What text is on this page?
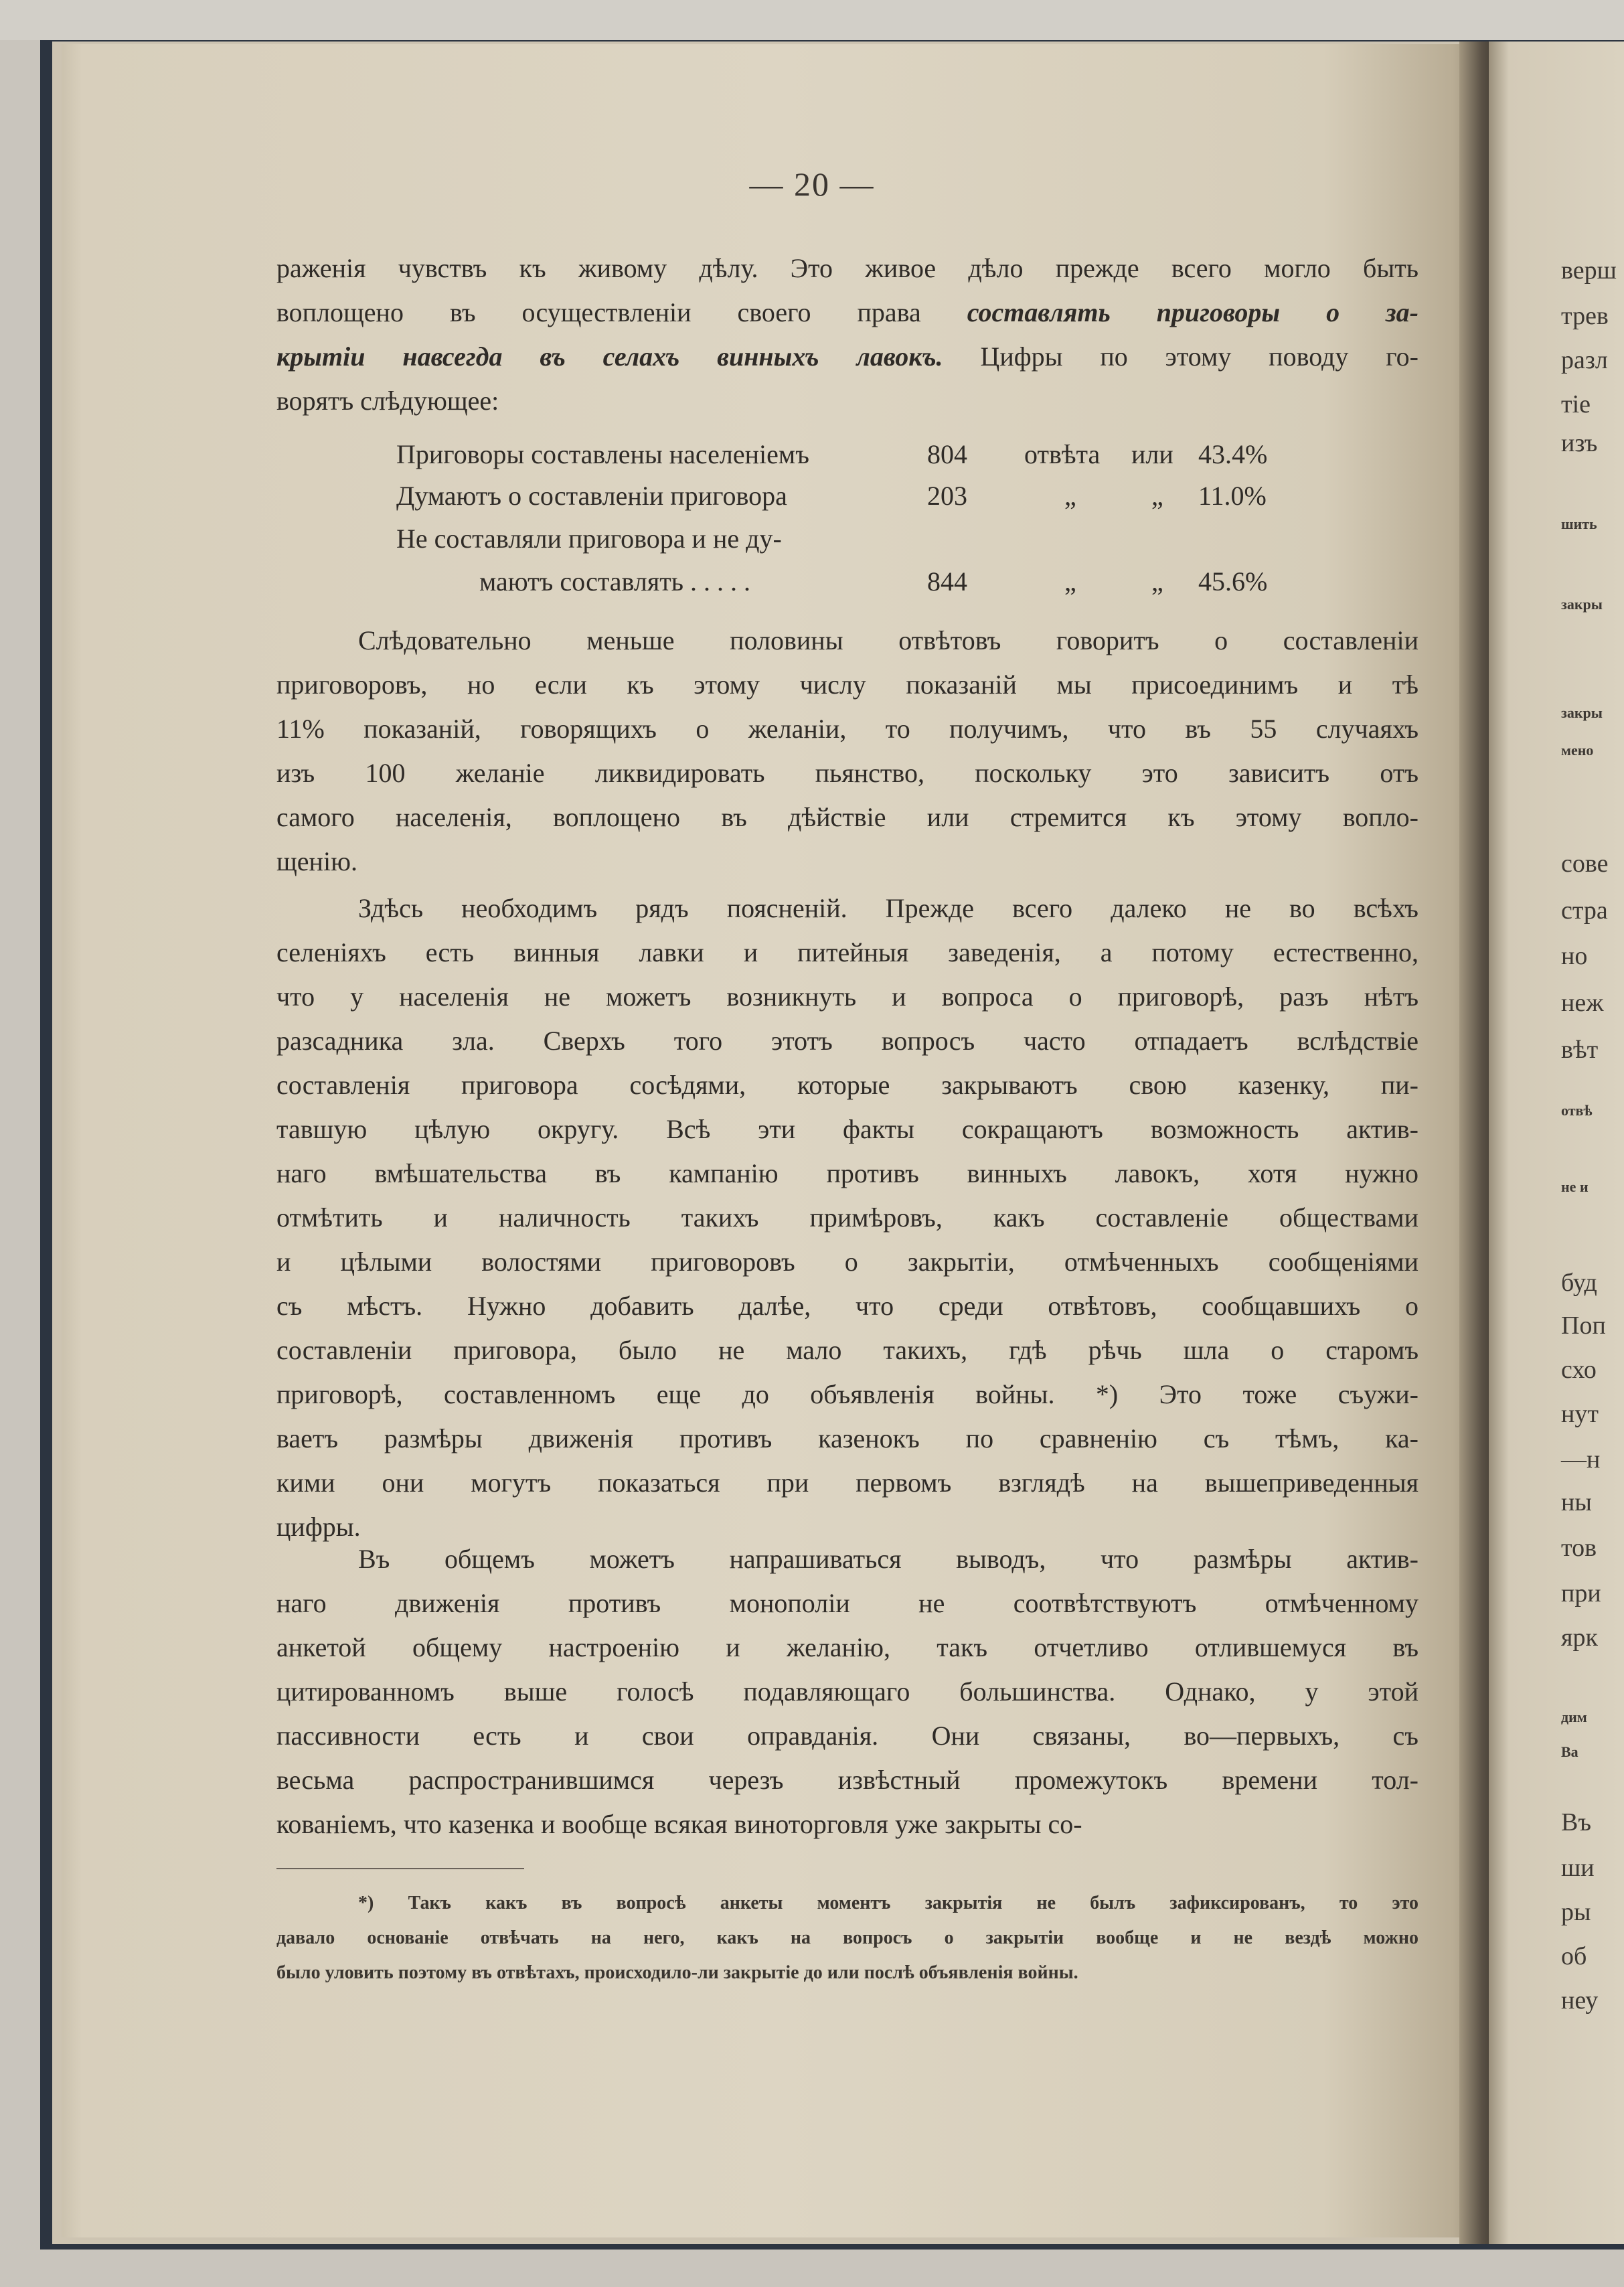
— 20 —
раженія чувствъ къ живому дѣлу. Это живое дѣло прежде всего могло быть
воплощено въ осуществленіи своего права составлять приговоры о за-
крытіи навсегда въ селахъ винныхъ лавокъ. Цифры по этому поводу го-
ворятъ слѣдующее:
Приговоры составлены населеніемъ	804 отвѣта или 43.4%
Думаютъ о составленіи приговора	203	„	„ 11.0%
Не составляли приговора и не ду-
маютъ составлять . . . . .	844	„	„ 45.6%
Слѣдовательно меньше половины отвѣтовъ говоритъ о составленіи
приговоровъ, но если къ этому числу показаній мы присоединимъ и тѣ
11% показаній, говорящихъ о желаніи, то получимъ, что въ 55 случаяхъ
изъ 100 желаніе ликвидировать пьянство, поскольку это зависитъ отъ
самого населенія, воплощено въ дѣйствіе или стремится къ этому вопло-
щенію.
Здѣсь необходимъ рядъ поясненій. Прежде всего далеко не во всѣхъ
селеніяхъ есть винныя лавки и питейныя заведенія, а потому естественно,
что у населенія не можетъ возникнуть и вопроса о приговорѣ, разъ нѣтъ
разсадника зла. Сверхъ того этотъ вопросъ часто отпадаетъ вслѣдствіе
составленія приговора сосѣдями, которые закрываютъ свою казенку, пи-
тавшую цѣлую округу. Всѣ эти факты сокращаютъ возможность актив-
наго вмѣшательства въ кампанію противъ винныхъ лавокъ, хотя нужно
отмѣтить и наличность такихъ примѣровъ, какъ составленіе обществами
и цѣлыми волостями приговоровъ о закрытіи, отмѣченныхъ сообщеніями
съ мѣстъ. Нужно добавить далѣе, что среди отвѣтовъ, сообщавшихъ о
составленіи приговора, было не мало такихъ, гдѣ рѣчь шла о старомъ
приговорѣ, составленномъ еще до объявленія войны. *) Это тоже съужи-
ваетъ размѣры движенія противъ казенокъ по сравненію съ тѣмъ, ка-
кими они могутъ показаться при первомъ взглядѣ на вышеприведенныя
цифры.
Въ общемъ можетъ напрашиваться выводъ, что размѣры актив-
наго движенія противъ монополіи не соотвѣтствуютъ отмѣченному
анкетой общему настроенію и желанію, такъ отчетливо отлившемуся въ
цитированномъ выше голосѣ подавляющаго большинства. Однако, у этой
пассивности есть и свои оправданія. Они связаны, во—первыхъ, съ
весьма распространившимся черезъ извѣстный промежутокъ времени тол-
кованіемъ, что казенка и вообще всякая виноторговля уже закрыты со-
*) Такъ какъ въ вопросѣ анкеты моментъ закрытія не былъ зафиксированъ, то это
давало основаніе отвѣчать на него, какъ на вопросъ о закрытіи вообще и не вездѣ можно
было уловить поэтому въ отвѣтахъ, происходило-ли закрытіе до или послѣ объявленія войны.
верш
трев
разл
тіе
изъ
шить
закры
закры
мено
сове
стра
но
неж
вѣт
отвѣ
не и
буд
Поп
схо
нут
—н
ны
тов
при
ярк
дим
Ва
Въ
ши
ры
об
неу
